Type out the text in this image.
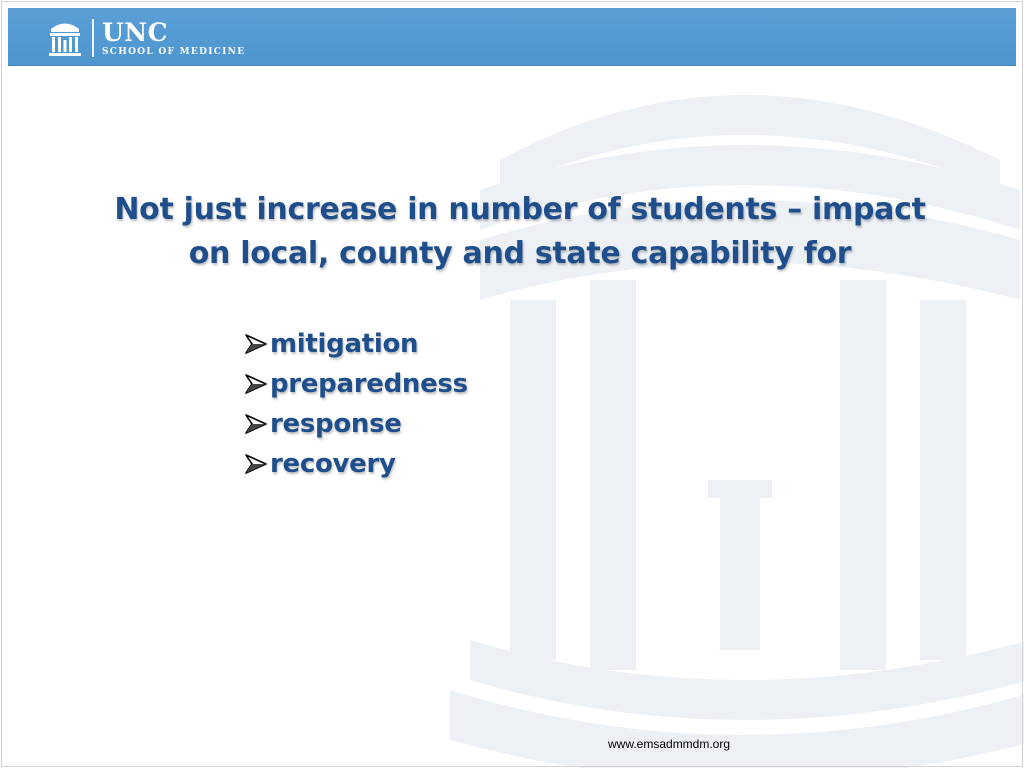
UNC
SCHOOL OF MEDICINE
Not just increase in number of students – impact
on local, county and state capability for
mitigation
preparedness
response
recovery
www.emsadmmdm.org
